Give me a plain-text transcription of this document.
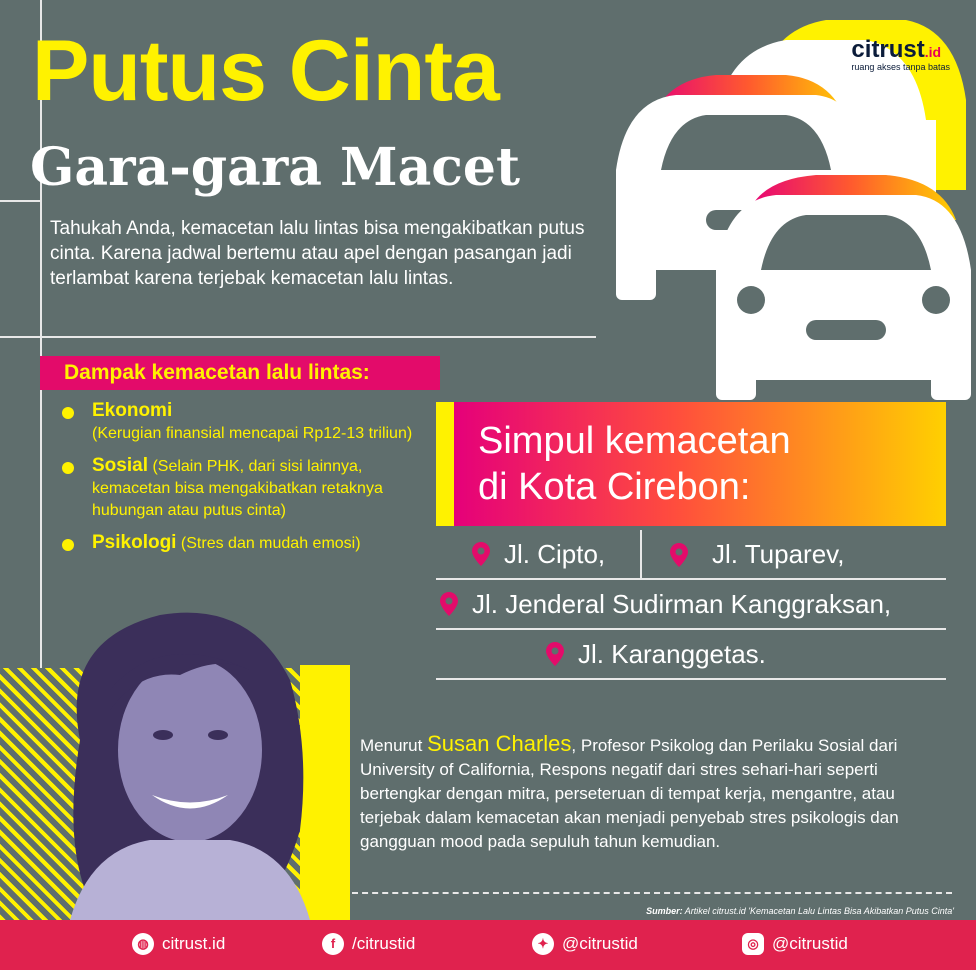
citrust.id
ruang akses tanpa batas
Putus Cinta
Gara-gara Macet
Tahukah Anda, kemacetan lalu lintas bisa mengakibatkan putus cinta. Karena jadwal bertemu atau apel dengan pasangan jadi terlambat karena terjebak kemacetan lalu lintas.
Dampak kemacetan lalu lintas:
Ekonomi
(Kerugian finansial mencapai Rp12-13 triliun)
Sosial (Selain PHK, dari sisi lainnya, kemacetan bisa mengakibatkan retaknya hubungan atau putus cinta)
Psikologi (Stres dan mudah emosi)
Simpul kemacetan
di Kota Cirebon:
Jl. Cipto,	Jl. Tuparev,
Jl. Jenderal Sudirman Kanggraksan,
Jl. Karanggetas.
Menurut Susan Charles, Profesor Psikolog dan Perilaku Sosial dari University of California, Respons negatif dari stres sehari-hari seperti bertengkar dengan mitra, perseteruan di tempat kerja, mengantre, atau terjebak dalam kemacetan akan menjadi penyebab stres psikologis dan gangguan mood pada sepuluh tahun kemudian.
Sumber: Artikel citrust.id 'Kemacetan Lalu Lintas Bisa Akibatkan Putus Cinta'
◍ citrust.id	f /citrustid	✦ @citrustid	◎ @citrustid
